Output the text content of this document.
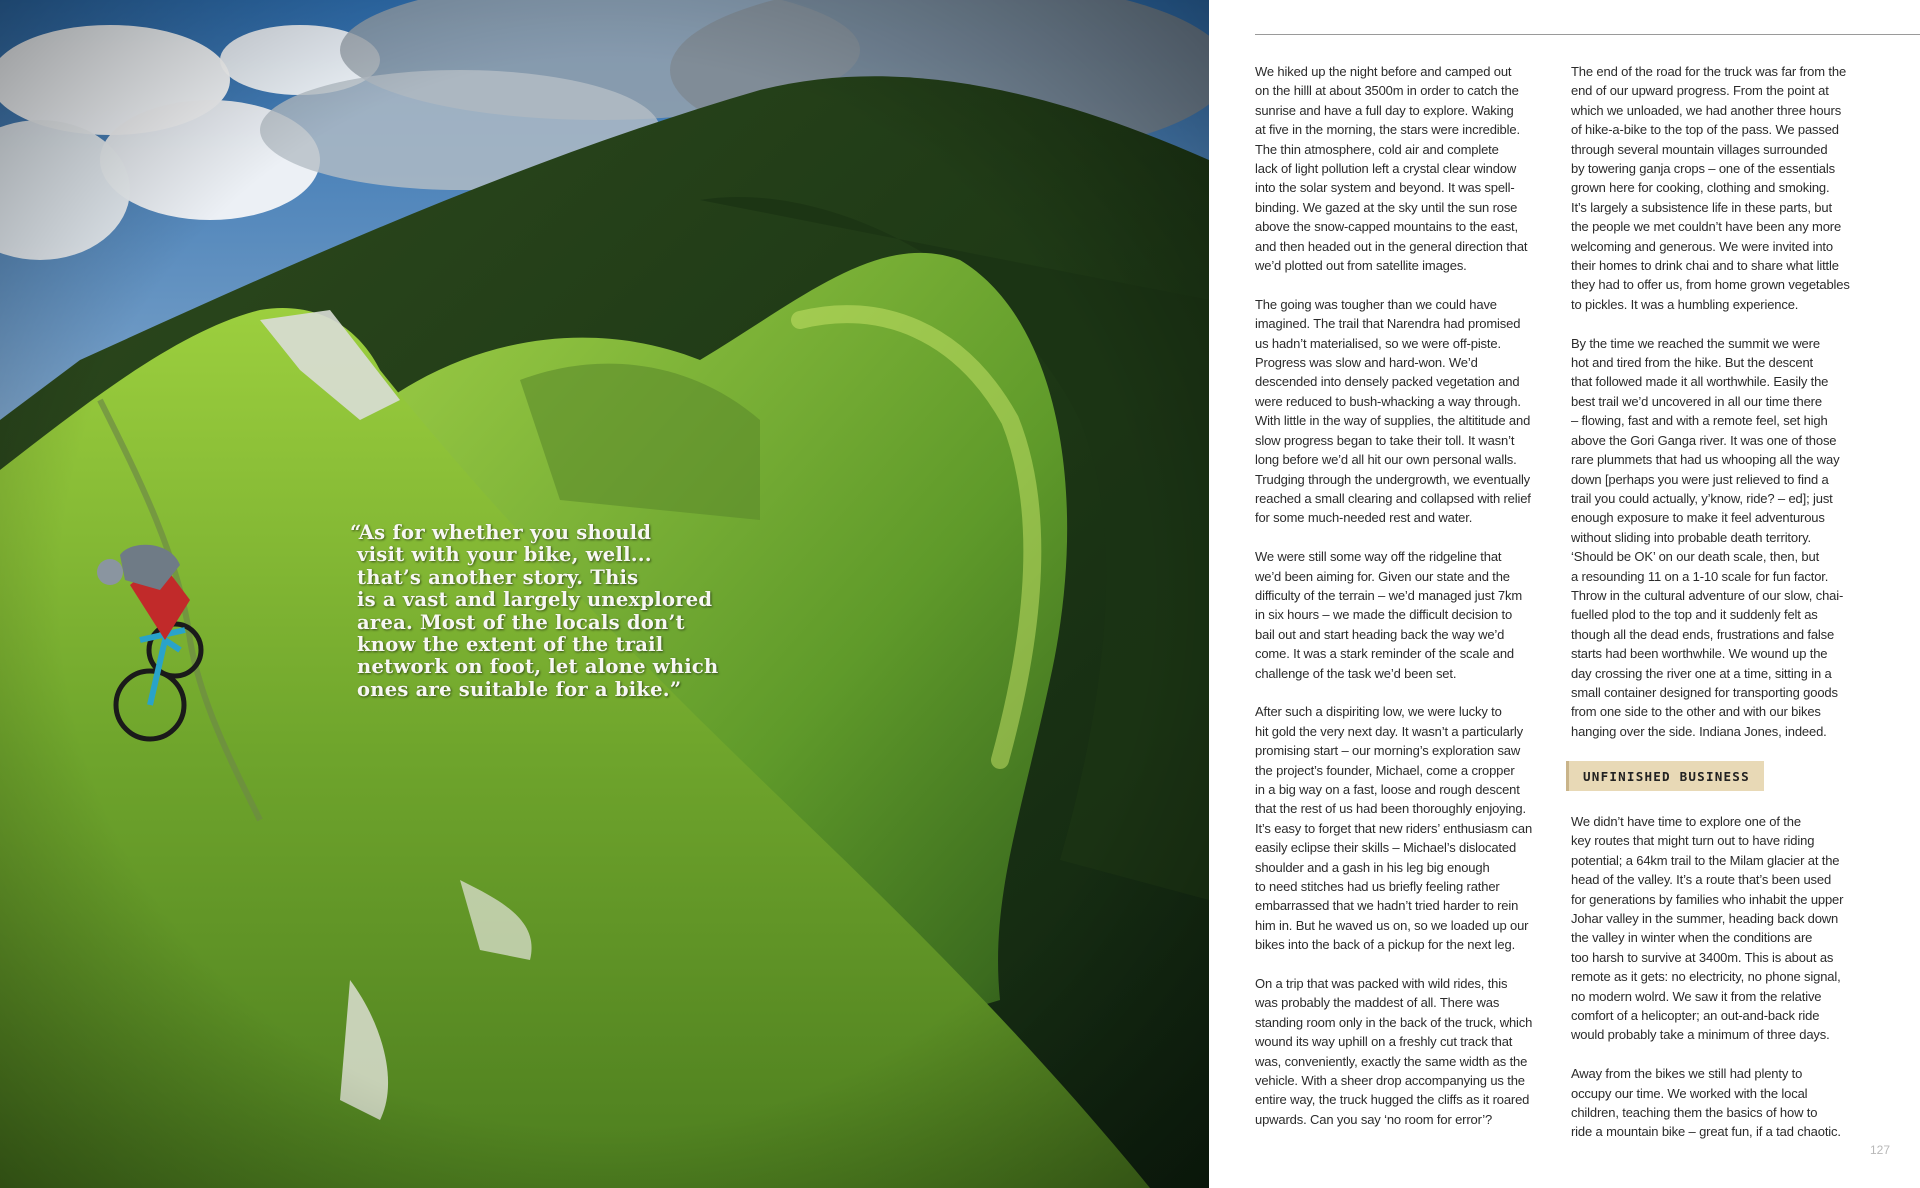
“As for whether you should
visit with your bike, well...
that’s another story. This
is a vast and largely unexplored
area. Most of the locals don’t
know the extent of the trail
network on foot, let alone which
ones are suitable for a bike.”
We hiked up the night before and camped out
on the hilll at about 3500m in order to catch the
sunrise and have a full day to explore. Waking
at five in the morning, the stars were incredible.
The thin atmosphere, cold air and complete
lack of light pollution left a crystal clear window
into the solar system and beyond. It was spell-
binding. We gazed at the sky until the sun rose
above the snow-capped mountains to the east,
and then headed out in the general direction that
we’d plotted out from satellite images.
The going was tougher than we could have
imagined. The trail that Narendra had promised
us hadn’t materialised, so we were off-piste.
Progress was slow and hard-won. We’d
descended into densely packed vegetation and
were reduced to bush-whacking a way through.
With little in the way of supplies, the altititude and
slow progress began to take their toll. It wasn’t
long before we’d all hit our own personal walls.
Trudging through the undergrowth, we eventually
reached a small clearing and collapsed with relief
for some much-needed rest and water.
We were still some way off the ridgeline that
we’d been aiming for. Given our state and the
difficulty of the terrain – we’d managed just 7km
in six hours – we made the difficult decision to
bail out and start heading back the way we’d
come. It was a stark reminder of the scale and
challenge of the task we’d been set.
After such a dispiriting low, we were lucky to
hit gold the very next day. It wasn’t a particularly
promising start – our morning’s exploration saw
the project’s founder, Michael, come a cropper
in a big way on a fast, loose and rough descent
that the rest of us had been thoroughly enjoying.
It’s easy to forget that new riders’ enthusiasm can
easily eclipse their skills – Michael’s dislocated
shoulder and a gash in his leg big enough
to need stitches had us briefly feeling rather
embarrassed that we hadn’t tried harder to rein
him in. But he waved us on, so we loaded up our
bikes into the back of a pickup for the next leg.
On a trip that was packed with wild rides, this
was probably the maddest of all. There was
standing room only in the back of the truck, which
wound its way uphill on a freshly cut track that
was, conveniently, exactly the same width as the
vehicle. With a sheer drop accompanying us the
entire way, the truck hugged the cliffs as it roared
upwards. Can you say ‘no room for error’?
The end of the road for the truck was far from the
end of our upward progress. From the point at
which we unloaded, we had another three hours
of hike-a-bike to the top of the pass. We passed
through several mountain villages surrounded
by towering ganja crops – one of the essentials
grown here for cooking, clothing and smoking.
It’s largely a subsistence life in these parts, but
the people we met couldn’t have been any more
welcoming and generous. We were invited into
their homes to drink chai and to share what little
they had to offer us, from home grown vegetables
to pickles. It was a humbling experience.
By the time we reached the summit we were
hot and tired from the hike. But the descent
that followed made it all worthwhile. Easily the
best trail we’d uncovered in all our time there
– flowing, fast and with a remote feel, set high
above the Gori Ganga river. It was one of those
rare plummets that had us whooping all the way
down [perhaps you were just relieved to find a
trail you could actually, y’know, ride? – ed]; just
enough exposure to make it feel adventurous
without sliding into probable death territory.
‘Should be OK’ on our death scale, then, but
a resounding 11 on a 1-10 scale for fun factor.
Throw in the cultural adventure of our slow, chai-
fuelled plod to the top and it suddenly felt as
though all the dead ends, frustrations and false
starts had been worthwhile. We wound up the
day crossing the river one at a time, sitting in a
small container designed for transporting goods
from one side to the other and with our bikes
hanging over the side. Indiana Jones, indeed.
UNFINISHED BUSINESS
We didn’t have time to explore one of the
key routes that might turn out to have riding
potential; a 64km trail to the Milam glacier at the
head of the valley. It’s a route that’s been used
for generations by families who inhabit the upper
Johar valley in the summer, heading back down
the valley in winter when the conditions are
too harsh to survive at 3400m. This is about as
remote as it gets: no electricity, no phone signal,
no modern wolrd. We saw it from the relative
comfort of a helicopter; an out-and-back ride
would probably take a minimum of three days.
Away from the bikes we still had plenty to
occupy our time. We worked with the local
children, teaching them the basics of how to
ride a mountain bike – great fun, if a tad chaotic.
127
